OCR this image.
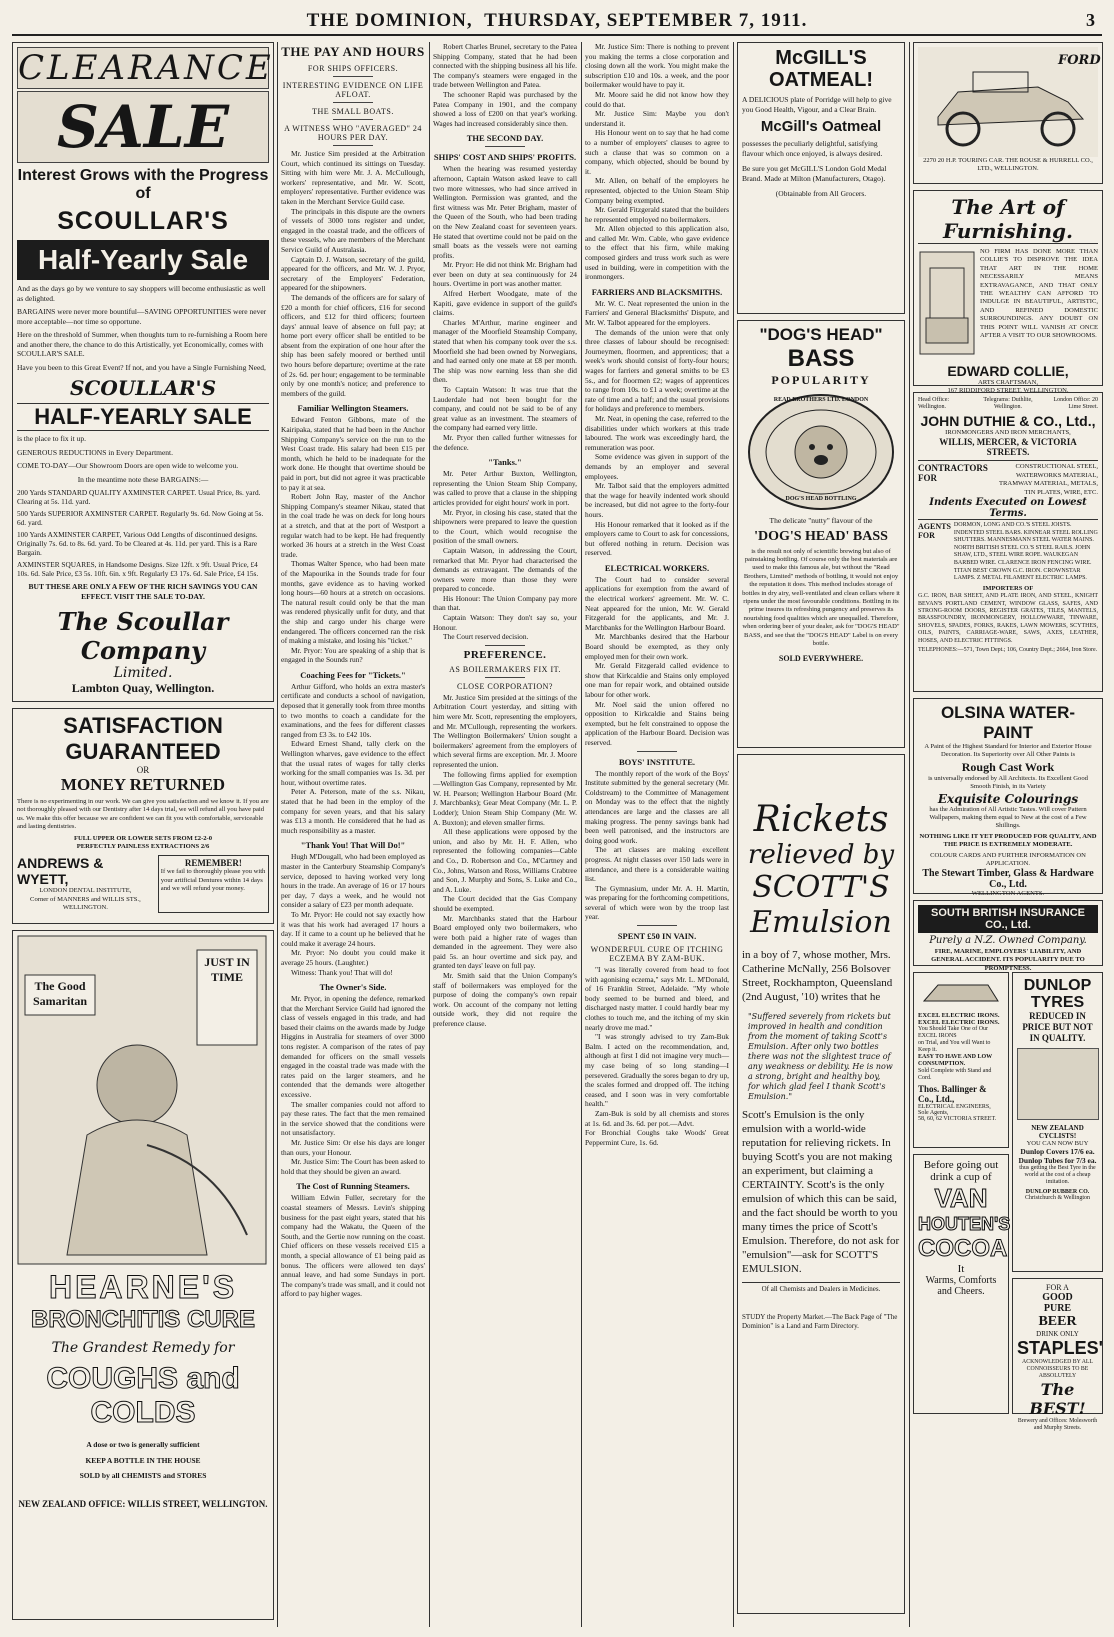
THE DOMINION,
THURSDAY, SEPTEMBER 7, 1911.	3
CLEARANCE
SALE
Interest Grows with the Progress of
SCOULLAR'S
Half-Yearly Sale
And as the days go by we venture to say shoppers will become enthusiastic as well as delighted.
BARGAINS were never more bountiful—SAVING OPPORTUNITIES were never more acceptable—nor time so opportune.
Here on the threshold of Summer, when thoughts turn to re-furnishing a Room here and another there, the chance to do this Artistically, yet Economically, comes with SCOULLAR'S SALE.
Have you been to this Great Event? If not, and you have a Single Furnishing Need,
SCOULLAR'S
HALF-YEARLY SALE
is the place to fix it up.
GENEROUS REDUCTIONS in Every Department.
COME TO-DAY—Our Showroom Doors are open wide to welcome you.
In the meantime note these BARGAINS:—
200 Yards STANDARD QUALITY AXMINSTER CARPET. Usual Price, 8s. yard. Clearing at 5s. 11d. yard.
500 Yards SUPERIOR AXMINSTER CARPET. Regularly 9s. 6d. Now Going at 5s. 6d. yard.
100 Yards AXMINSTER CARPET, Various Odd Lengths of discontinued designs. Originally 7s. 6d. to 8s. 6d. yard. To be Cleared at 4s. 11d. per yard. This is a Rare Bargain.
AXMINSTER SQUARES, in Handsome Designs. Size 12ft. x 9ft. Usual Price, £4 10s. 6d. Sale Price, £3 5s. 10ft. 6in. x 9ft. Regularly £3 17s. 6d. Sale Price, £4 15s.
BUT THESE ARE ONLY A FEW OF THE RICH SAVINGS YOU CAN EFFECT. VISIT THE SALE TO-DAY.
The Scoullar Company
Limited.
Lambton Quay, Wellington.
SATISFACTION
GUARANTEED
OR
MONEY RETURNED
There is no experimenting in our work. We can give you satisfaction and we know it. If you are not thoroughly pleased with our Dentistry after 14 days trial, we will refund all you have paid us. We make this offer because we are confident we can fit you with comfortable, serviceable and lasting dentistries.
FULL UPPER OR LOWER SETS FROM £2-2-0
PERFECTLY PAINLESS EXTRACTIONS 2/6
ANDREWS & WYETT,
LONDON DENTAL INSTITUTE,
Corner of MANNERS and WILLIS STS., WELLINGTON.
REMEMBER!
If we fail to thoroughly please you with your artificial Dentures within 14 days and we will refund your money.
The Good Samaritan
JUST IN TIME
HEARNE'S
BRONCHITIS CURE
The Grandest Remedy for
COUGHS and COLDS
A dose or two is generally sufficient
KEEP A BOTTLE IN THE HOUSE
SOLD by all CHEMISTS and STORES
NEW ZEALAND OFFICE: WILLIS STREET, WELLINGTON.
THE PAY AND HOURS
FOR SHIPS OFFICERS.
INTERESTING EVIDENCE ON LIFE AFLOAT.
THE SMALL BOATS.
A WITNESS WHO "AVERAGED" 24 HOURS PER DAY.

Mr. Justice Sim presided at the Arbitration Court, which continued its sittings on Tuesday. Sitting with him were Mr. J. A. McCullough, workers' representative, and Mr. W. Scott, employers' representative. Further evidence was taken in the Merchant Service Guild case.

The principals in this dispute are the owners of vessels of 3000 tons register and under, engaged in the coastal trade, and the officers of these vessels, who are members of the Merchant Service Guild of Australasia.

Captain D. J. Watson, secretary of the guild, appeared for the officers, and Mr. W. J. Pryor, secretary of the Employers' Federation, appeared for the shipowners.

The demands of the officers are for salary of £20 a month for chief officers, £16 for second officers, and £12 for third officers; fourteen days' annual leave of absence on full pay; at home port every officer shall be entitled to be absent from the expiration of one hour after the ship has been safely moored or berthed until two hours before departure; overtime at the rate of 2s. 6d. per hour; engagement to be terminable only by one month's notice; and preference to members of the guild.

Familiar Wellington Steamers.

Edward Fenton Gibbons, mate of the Kairipaka, stated that he had been in the Anchor Shipping Company's service on the run to the West Coast trade. His salary had been £15 per month, which he held to be inadequate for the work done. He thought that overtime should be paid in port, but did not agree it was practicable to pay it at sea.

Robert John Ray, master of the Anchor Shipping Company's steamer Nikau, stated that in the coal trade he was on deck for long hours at a stretch, and that at the port of Westport a regular watch had to be kept. He had frequently worked 36 hours at a stretch in the West Coast trade.

Thomas Walter Spence, who had been mate of the Mapourika in the Sounds trade for four months, gave evidence as to having worked long hours—60 hours at a stretch on occasions. The natural result could only be that the man was rendered physically unfit for duty, and that the ship and cargo under his charge were endangered. The officers concerned ran the risk of making a mistake, and losing his "ticket."

Mr. Pryor: You are speaking of a ship that is engaged in the Sounds run?

Coaching Fees for "Tickets."

Arthur Gifford, who holds an extra master's certificate and conducts a school of navigation, deposed that it generally took from three months to two months to coach a candidate for the examinations, and the fees for different classes ranged from £3 3s. to £42 10s.

Edward Ernest Shand, tally clerk on the Wellington wharves, gave evidence to the effect that the usual rates of wages for tally clerks working for the small companies was 1s. 3d. per hour, without overtime rates.

Peter A. Peterson, mate of the s.s. Nikau, stated that he had been in the employ of the company for seven years, and that his salary was £13 a month. He considered that he had as much responsibility as a master.

"Thank You! That Will Do!"

Hugh M'Dougall, who had been employed as master in the Canterbury Steamship Company's service, deposed to having worked very long hours in the trade. An average of 16 or 17 hours per day, 7 days a week, and he would not consider a salary of £23 per month adequate.

To Mr. Pryor: He could not say exactly how it was that his work had averaged 17 hours a day. If it came to a count up he believed that he could make it average 24 hours.

Mr. Pryor: No doubt you could make it average 25 hours. (Laughter.)

Witness: Thank you! That will do!

The Owner's Side.

Mr. Pryor, in opening the defence, remarked that the Merchant Service Guild had ignored the class of vessels engaged in this trade, and had based their claims on the awards made by Judge Higgins in Australia for steamers of over 3000 tons register. A comparison of the rates of pay demanded for officers on the small vessels engaged in the coastal trade was made with the rates paid on the larger steamers, and he contended that the demands were altogether excessive.

The smaller companies could not afford to pay these rates. The fact that the men remained in the service showed that the conditions were not unsatisfactory.

Mr. Justice Sim: Or else his days are longer than ours, your Honour.

Mr. Justice Sim: The Court has been asked to hold that they should be given an award.

The Cost of Running Steamers.

William Edwin Fuller, secretary for the coastal steamers of Messrs. Levin's shipping business for the past eight years, stated that his company had the Wakatu, the Queen of the South, and the Gertie now running on the coast. Chief officers on these vessels received £15 a month, a special allowance of £1 being paid as bonus. The officers were allowed ten days' annual leave, and had some Sundays in port. The company's trade was small, and it could not afford to pay higher wages.

Robert Charles Brunel, secretary to the Patea Shipping Company, stated that he had been connected with the shipping business all his life. The company's steamers were engaged in the trade between Wellington and Patea.

The schooner Rapid was purchased by the Patea Company in 1901, and the company showed a loss of £200 on that year's working. Wages had increased considerably since then.

THE SECOND DAY.
SHIPS' COST AND SHIPS' PROFITS.

When the hearing was resumed yesterday afternoon, Captain Watson asked leave to call two more witnesses, who had since arrived in Wellington. Permission was granted, and the first witness was Mr. Peter Brigham, master of the Queen of the South, who had been trading on the New Zealand coast for seventeen years. He stated that overtime could not be paid on the small boats as the vessels were not earning profits.

Mr. Pryor: He did not think Mr. Brigham had ever been on duty at sea continuously for 24 hours. Overtime in port was another matter.

Alfred Herbert Woodgate, mate of the Kapiti, gave evidence in support of the guild's claims.

Charles M'Arthur, marine engineer and manager of the Moorfield Steamship Company, stated that when his company took over the s.s. Moorfield she had been owned by Norwegians, and had earned only one mate at £8 per month. The ship was now earning less than she did then.

To Captain Watson: It was true that the Lauderdale had not been bought for the company, and could not be said to be of any great value as an investment. The steamers of the company had earned very little.

Mr. Pryor then called further witnesses for the defence.

"Tanks."

Mr. Peter Arthur Buxton, Wellington, representing the Union Steam Ship Company, was called to prove that a clause in the shipping articles provided for eight hours' work in port.

Mr. Pryor, in closing his case, stated that the shipowners were prepared to leave the question to the Court, which would recognise the position of the small owners.

Captain Watson, in addressing the Court, remarked that Mr. Pryor had characterised the demands as extravagant. The demands of the owners were more than those they were prepared to concede.

His Honour: The Union Company pay more than that.

Captain Watson: They don't say so, your Honour.

The Court reserved decision.

PREFERENCE.
AS BOILERMAKERS FIX IT.
CLOSE CORPORATION?

Mr. Justice Sim presided at the sittings of the Arbitration Court yesterday, and sitting with him were Mr. Scott, representing the employers, and Mr. M'Cullough, representing the workers. The Wellington Boilermakers' Union sought a boilermakers' agreement from the employers of which several firms are exception. Mr. J. Moore represented the union.

The following firms applied for exemption—Wellington Gas Company, represented by Mr. W. H. Pearson; Wellington Harbour Board (Mr. J. Marchbanks); Gear Meat Company (Mr. L. P. Lodder); Union Steam Ship Company (Mr. W. A. Buxton); and eleven smaller firms.

All these applications were opposed by the union, and also by Mr. H. F. Allen, who represented the following companies—Cable and Co., D. Robertson and Co., M'Cartney and Co., Johns, Watson and Ross, Williams Crabtree and Son, J. Murphy and Sons, S. Luke and Co., and A. Luke.

The Court decided that the Gas Company should be exempted.

Mr. Marchbanks stated that the Harbour Board employed only two boilermakers, who were both paid a higher rate of wages than demanded in the agreement. They were also paid 5s. an hour overtime and sick pay, and granted ten days' leave on full pay.

Mr. Smith said that the Union Company's staff of boilermakers was employed for the purpose of doing the company's own repair work. On account of the company not letting outside work, they did not require the preference clause.

Mr. Justice Sim: There is nothing to prevent you making the terms a close corporation and closing down all the work. You might make the subscription £10 and 10s. a week, and the poor boilermaker would have to pay it.

Mr. Moore said he did not know how they could do that.

Mr. Justice Sim: Maybe you don't understand it.

His Honour went on to say that he had come to a number of employers' clauses to agree to such a clause that was so common on a company, which objected, should be bound by it.

Mr. Allen, on behalf of the employers he represented, objected to the Union Steam Ship Company being exempted.

Mr. Gerald Fitzgerald stated that the builders he represented employed no boilermakers.

Mr. Allen objected to this application also, and called Mr. Wm. Cable, who gave evidence to the effect that his firm, while making composed girders and truss work such as were used in building, were in competition with the ironmongers.

FARRIERS AND BLACKSMITHS.

Mr. W. C. Neat represented the union in the Farriers' and General Blacksmiths' Dispute, and Mr. W. Talbot appeared for the employers.

The demands of the union were that only three classes of labour should be recognised: Journeymen, floormen, and apprentices; that a week's work should consist of forty-four hours; wages for farriers and general smiths to be £3 5s., and for floormen £2; wages of apprentices to range from 10s. to £1 a week; overtime at the rate of time and a half; and the usual provisions for holidays and preference to members.

Mr. Neat, in opening the case, referred to the disabilities under which workers at this trade laboured. The work was exceedingly hard, the remuneration was poor.

Some evidence was given in support of the demands by an employer and several employees.

Mr. Talbot said that the employers admitted that the wage for heavily indented work should be increased, but did not agree to the forty-four hours.

His Honour remarked that it looked as if the employers came to Court to ask for concessions, but offered nothing in return. Decision was reserved.

ELECTRICAL WORKERS.

The Court had to consider several applications for exemption from the award of the electrical workers' agreement. Mr. W. C. Neat appeared for the union, Mr. W. Gerald Fitzgerald for the applicants, and Mr. J. Marchbanks for the Wellington Harbour Board.

Mr. Marchbanks desired that the Harbour Board should be exempted, as they only employed men for their own work.

Mr. Gerald Fitzgerald called evidence to show that Kirkcaldie and Stains only employed one man for repair work, and obtained outside labour for other work.

Mr. Noel said the union offered no opposition to Kirkcaldie and Stains being exempted, but he felt constrained to oppose the application of the Harbour Board. Decision was reserved.

BOYS' INSTITUTE.

The monthly report of the work of the Boys' Institute submitted by the general secretary (Mr. Coldstream) to the Committee of Management on Monday was to the effect that the nightly attendances are large and the classes are all making progress. The penny savings bank had been well patronised, and the instructors are doing good work.

The art classes are making excellent progress. At night classes over 150 lads were in attendance, and there is a considerable waiting list.

The Gymnasium, under Mr. A. H. Martin, was preparing for the forthcoming competitions, several of which were won by the troop last year.

SPENT £50 IN VAIN.
WONDERFUL CURE OF ITCHING ECZEMA BY ZAM-BUK.

"I was literally covered from head to foot with agonising eczema," says Mr. L. M'Donald, of 16 Franklin Street, Adelaide. "My whole body seemed to be burned and bleed, and discharged nasty matter. I could hardly bear my clothes to touch me, and the itching of my skin nearly drove me mad."

"I was strongly advised to try Zam-Buk Balm. I acted on the recommendation, and, although at first I did not imagine very much—my case being of so long standing—I persevered. Gradually the sores began to dry up, the scales formed and dropped off. The itching ceased, and I soon was in very comfortable health."

Zam-Buk is sold by all chemists and stores at 1s. 6d. and 3s. 6d. per pot.—Advt.

For Bronchial Coughs take Woods' Great Peppermint Cure, 1s. 6d.

McGILL'S OATMEAL!
A DELICIOUS plate of Porridge will help to give you Good Health, Vigour, and a Clear Brain.
McGill's Oatmeal
possesses the peculiarly delightful, satisfying flavour which once enjoyed, is always desired.
Be sure you get McGILL'S London Gold Medal Brand. Made at Milton (Manufacturers, Otago).
(Obtainable from All Grocers.
"DOG'S HEAD"
BASS
POPULARITY
READ BROTHERS LTD. LONDON
DOG'S HEAD BOTTLING
The delicate "nutty" flavour of the
'DOG'S HEAD' BASS
is the result not only of scientific brewing but also of painstaking bottling. Of course only the best materials are used to make this famous ale, but without the "Read Brothers, Limited" methods of bottling, it would not enjoy the reputation it does. This method includes storage of bottles in dry airy, well-ventilated and clean cellars where it ripens under the most favourable conditions. Bottling in its prime insures its refreshing pungency and preserves its nourishing food qualities which are unequalled. Therefore, when ordering beer of your dealer, ask for "DOG'S HEAD" BASS, and see that the "DOG'S HEAD" Label is on every bottle.
SOLD EVERYWHERE.
Rickets
relieved by
SCOTT'S
Emulsion
in a boy of 7, whose mother, Mrs. Catherine McNally, 256 Bolsover Street, Rockhampton, Queensland (2nd August, '10) writes that he
"Suffered severely from rickets but improved in health and condition from the moment of taking Scott's Emulsion. After only two bottles there was not the slightest trace of any weakness or debility. He is now a strong, bright and healthy boy, for which glad feel I thank Scott's Emulsion."
Scott's Emulsion is the only emulsion with a world-wide reputation for relieving rickets. In buying Scott's you are not making an experiment, but claiming a CERTAINTY. Scott's is the only emulsion of which this can be said, and the fact should be worth to you many times the price of Scott's Emulsion. Therefore, do not ask for "emulsion"—ask for SCOTT'S EMULSION.
Of all Chemists and Dealers in Medicines.
STUDY the Property Market.—The Back Page of "The Dominion" is a Land and Farm Directory.
FORD
2270 20 H.P. TOURING CAR. THE ROUSE & HURRELL CO., LTD., WELLINGTON.
The Art of Furnishing.
NO FIRM HAS DONE MORE THAN COLLIE'S TO DISPROVE THE IDEA THAT ART IN THE HOME NECESSARILY MEANS EXTRAVAGANCE, AND THAT ONLY THE WEALTHY CAN AFFORD TO INDULGE IN BEAUTIFUL, ARTISTIC, AND REFINED DOMESTIC SURROUNDINGS. ANY DOUBT ON THIS POINT WILL VANISH AT ONCE AFTER A VISIT TO OUR SHOWROOMS.
EDWARD COLLIE,
ARTS CRAFTSMAN,
167 RIDDIFORD STREET, WELLINGTON.
Head Office: Wellington.
Telegrams: Duthlite, Wellington.
London Office: 20 Lime Street.
JOHN DUTHIE & CO., Ltd.,
IRONMONGERS AND IRON MERCHANTS,
WILLIS, MERCER, & VICTORIA STREETS.
CONTRACTORS FOR
CONSTRUCTIONAL STEEL, WATERWORKS MATERIAL, TRAMWAY MATERIAL, METALS, TIN PLATES, WIRE, ETC.
Indents Executed on Lowest Terms.
AGENTS
FOR
DORMON, LONG AND CO.'S STEEL JOISTS. INDENTED STEEL BARS. KINNEAR STEEL ROLLING SHUTTERS. MANNESMANN STEEL WATER MAINS. NORTH BRITISH STEEL CO.'S STEEL RAILS. JOHN SHAW, LTD., STEEL WIRE ROPE. WAUKEGAN BARBED WIRE. CLARENCE IRON FENCING WIRE. TITAN BEST CROWN G.C. IRON. CROWNSTAR LAMPS. Z METAL FILAMENT ELECTRIC LAMPS.
IMPORTERS OF
G.C. IRON, BAR SHEET, AND PLATE IRON, AND STEEL, KNIGHT BEVAN'S PORTLAND CEMENT, WINDOW GLASS, SAFES, AND STRONG-ROOM DOORS, REGISTER GRATES, TILES, MANTELS, BRASSFOUNDRY, IRONMONGERY, HOLLOWWARE, TINWARE, SHOVELS, SPADES, FORKS, RAKES, LAWN MOWERS, SCYTHES, OILS, PAINTS, CARRIAGE-WARE, SAWS, AXES, LEATHER, HOSES, AND ELECTRIC FITTINGS.
TELEPHONES:—571, Town Dept.; 106, Country Dept.; 2664, Iron Store.
OLSINA WATER-PAINT
A Paint of the Highest Standard for Interior and Exterior House Decoration. Its Superiority over All Other Paints is
Rough Cast Work
is universally endorsed by All Architects. Its Excellent Good Smooth Finish, in its Variety
Exquisite Colourings
has the Admiration of All Artistic Tastes. Will cover Pattern Wallpapers, making them equal to New at the cost of a Few Shillings.
NOTHING LIKE IT YET PRODUCED FOR QUALITY, AND THE PRICE IS EXTREMELY MODERATE.
COLOUR CARDS AND FURTHER INFORMATION ON APPLICATION.
The Stewart Timber, Glass & Hardware Co., Ltd.
WELLINGTON AGENTS.
SOUTH BRITISH INSURANCE CO., Ltd.
Purely a N.Z. Owned Company.
FIRE, MARINE, EMPLOYERS' LIABILITY, AND GENERAL ACCIDENT. ITS POPULARITY DUE TO PROMPTNESS.
EXCEL ELECTRIC IRONS.
EXCEL ELECTRIC IRONS.
You Should Take One of Our EXCEL IRONS
on Trial, and You will Want to Keep it.
EASY TO HAVE AND LOW CONSUMPTION.
Sold Complete with Stand and Cord.
Thos. Ballinger & Co., Ltd.,
ELECTRICAL ENGINEERS,
Sole Agents,
58, 60, 62 VICTORIA STREET.
Before going out
drink a cup of
VAN
HOUTEN'S
COCOA
It
Warms, Comforts
and Cheers.
DUNLOP TYRES
REDUCED IN PRICE BUT NOT IN QUALITY.
NEW ZEALAND CYCLISTS!
YOU CAN NOW BUY
Dunlop Covers 17/6 ea.
Dunlop Tubes for 7/3 ea.
thus getting the Best Tyre in the world at the cost of a cheap imitation.
DUNLOP RUBBER CO.
Christchurch & Wellington
FOR A
GOOD
PURE
BEER
DRINK ONLY
STAPLES'
ACKNOWLEDGED BY ALL CONNOISSEURS TO BE ABSOLUTELY
The BEST!
Brewery and Offices: Molesworth and Murphy Streets.
